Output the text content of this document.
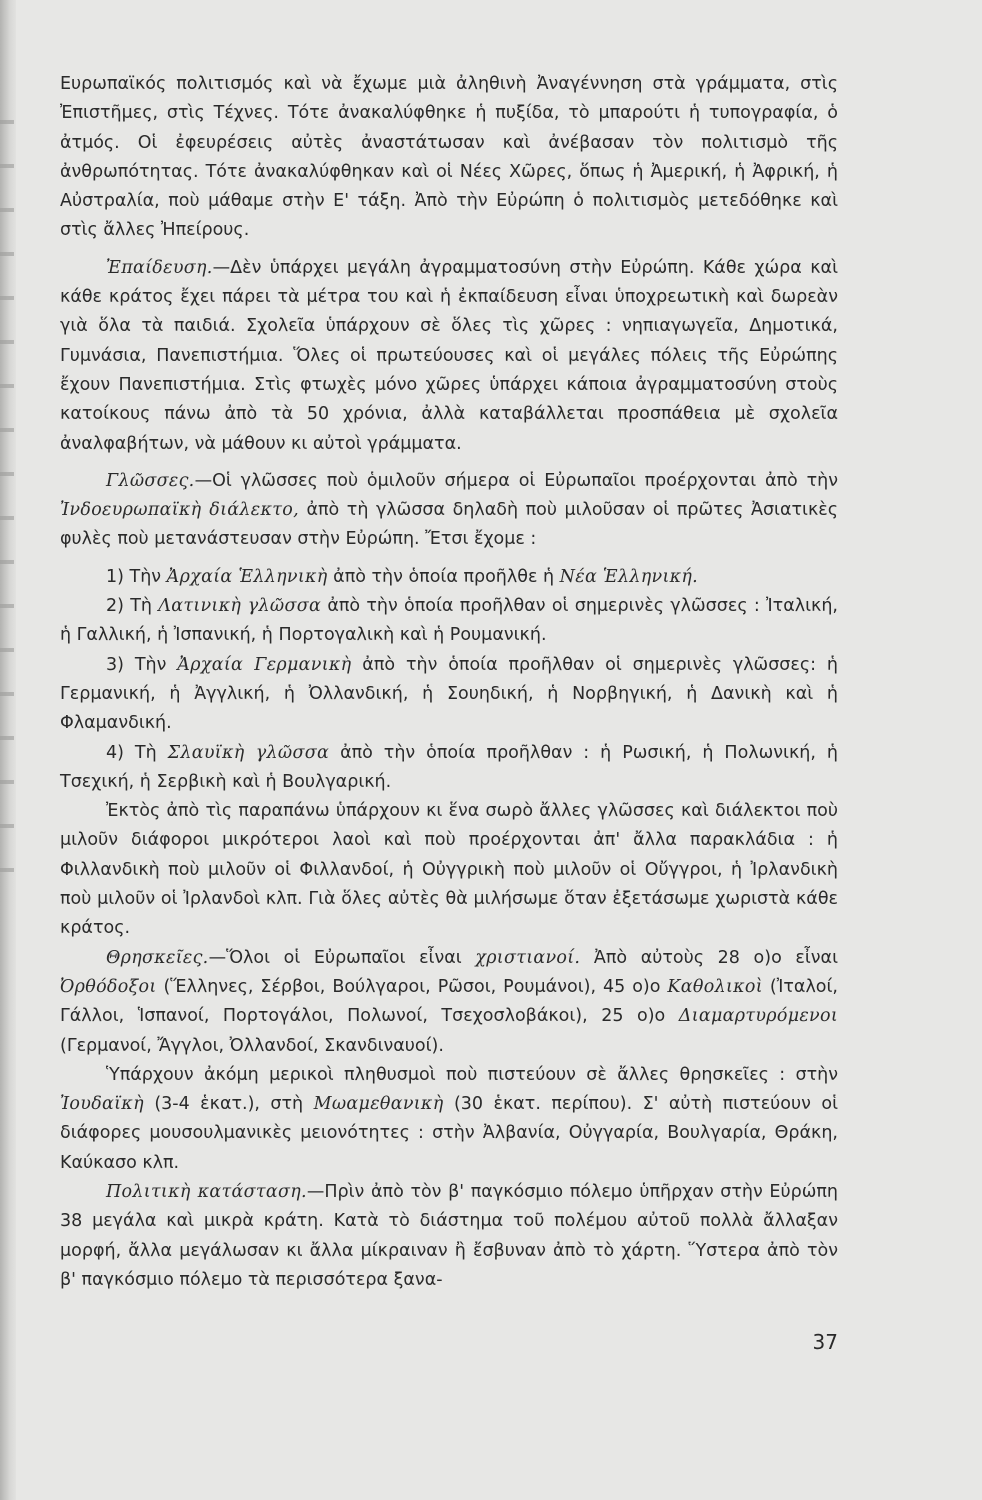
Ευρωπαϊκός πολιτισμός καὶ νὰ ἔχωμε μιὰ ἀληθινὴ Ἀναγέννηση στὰ γράμματα, στὶς Ἐπιστῆμες, στὶς Τέχνες. Τότε ἀνακαλύφθηκε ἡ πυξίδα, τὸ μπαρούτι ἡ τυπογραφία, ὁ ἀτμός. Οἱ ἐφευρέσεις αὐτὲς ἀναστάτωσαν καὶ ἀνέβασαν τὸν πολιτισμὸ τῆς ἀνθρωπότητας. Τότε ἀνακαλύφθηκαν καὶ οἱ Νέες Χῶρες, ὅπως ἡ Ἀμερική, ἡ Ἀφρική, ἡ Αὐστραλία, ποὺ μάθαμε στὴν Ε' τάξη. Ἀπὸ τὴν Εὐρώπη ὁ πολιτισμὸς μετεδόθηκε καὶ στὶς ἄλλες Ἠπείρους.

Ἐπαίδευση.—Δὲν ὑπάρχει μεγάλη ἀγραμματοσύνη στὴν Εὐρώπη. Κάθε χώρα καὶ κάθε κράτος ἔχει πάρει τὰ μέτρα του καὶ ἡ ἐκπαίδευση εἶναι ὑποχρεωτικὴ καὶ δωρεὰν γιὰ ὅλα τὰ παιδιά. Σχολεῖα ὑπάρχουν σὲ ὅλες τὶς χῶρες : νηπιαγωγεῖα, Δημοτικά, Γυμνάσια, Πανεπιστήμια. Ὅλες οἱ πρωτεύουσες καὶ οἱ μεγάλες πόλεις τῆς Εὐρώπης ἔχουν Πανεπιστήμια. Στὶς φτωχὲς μόνο χῶρες ὑπάρχει κάποια ἀγραμματοσύνη στοὺς κατοίκους πάνω ἀπὸ τὰ 50 χρόνια, ἀλλὰ καταβάλλεται προσπάθεια μὲ σχολεῖα ἀναλφαβήτων, νὰ μάθουν κι αὐτοὶ γράμματα.

Γλῶσσες.—Οἱ γλῶσσες ποὺ ὁμιλοῦν σήμερα οἱ Εὐρωπαῖοι προέρχονται ἀπὸ τὴν Ἰνδοευρωπαϊκὴ διάλεκτο, ἀπὸ τὴ γλῶσσα δηλαδὴ ποὺ μιλοῦσαν οἱ πρῶτες Ἀσιατικὲς φυλὲς ποὺ μετανάστευσαν στὴν Εὐρώπη. Ἔτσι ἔχομε :

1) Τὴν Ἀρχαία Ἑλληνικὴ ἀπὸ τὴν ὁποία προῆλθε ἡ Νέα Ἑλληνική.

2) Τὴ Λατινικὴ γλῶσσα ἀπὸ τὴν ὁποία προῆλθαν οἱ σημερινὲς γλῶσσες : Ἰταλική, ἡ Γαλλική, ἡ Ἰσπανική, ἡ Πορτογαλικὴ καὶ ἡ Ρουμανική.

3) Τὴν Ἀρχαία Γερμανικὴ ἀπὸ τὴν ὁποία προῆλθαν οἱ σημερινὲς γλῶσσες: ἡ Γερμανική, ἡ Ἀγγλική, ἡ Ὀλλανδική, ἡ Σουηδική, ἡ Νορβηγική, ἡ Δανικὴ καὶ ἡ Φλαμανδική.

4) Τὴ Σλαυϊκὴ γλῶσσα ἀπὸ τὴν ὁποία προῆλθαν : ἡ Ρωσική, ἡ Πολωνική, ἡ Τσεχική, ἡ Σερβικὴ καὶ ἡ Βουλγαρική.

Ἐκτὸς ἀπὸ τὶς παραπάνω ὑπάρχουν κι ἕνα σωρὸ ἄλλες γλῶσσες καὶ διάλεκτοι ποὺ μιλοῦν διάφοροι μικρότεροι λαοὶ καὶ ποὺ προέρχονται ἀπ' ἄλλα παρακλάδια : ἡ Φιλλανδικὴ ποὺ μιλοῦν οἱ Φιλλανδοί, ἡ Οὐγγρικὴ ποὺ μιλοῦν οἱ Οὔγγροι, ἡ Ἰρλανδικὴ ποὺ μιλοῦν οἱ Ἰρλανδοὶ κλπ. Γιὰ ὅλες αὐτὲς θὰ μιλήσωμε ὅταν ἐξετάσωμε χωριστὰ κάθε κράτος.

Θρησκεῖες.—Ὅλοι οἱ Εὐρωπαῖοι εἶναι χριστιανοί. Ἀπὸ αὐτοὺς 28 ο)ο εἶναι Ὀρθόδοξοι (Ἕλληνες, Σέρβοι, Βούλγαροι, Ρῶσοι, Ρουμάνοι), 45 ο)ο Καθολικοὶ (Ἰταλοί, Γάλλοι, Ἱσπανοί, Πορτογάλοι, Πολωνοί, Τσεχοσλοβάκοι), 25 ο)ο Διαμαρτυρόμενοι (Γερμανοί, Ἄγγλοι, Ὀλλανδοί, Σκανδιναυοί).

Ὑπάρχουν ἀκόμη μερικοὶ πληθυσμοὶ ποὺ πιστεύουν σὲ ἄλλες θρησκεῖες : στὴν Ἰουδαϊκὴ (3-4 ἑκατ.), στὴ Μωαμεθανικὴ (30 ἑκατ. περίπου). Σ' αὐτὴ πιστεύουν οἱ διάφορες μουσουλμανικὲς μειονότητες : στὴν Ἀλβανία, Οὐγγαρία, Βουλγαρία, Θράκη, Καύκασο κλπ.

Πολιτικὴ κατάσταση.—Πρὶν ἀπὸ τὸν β' παγκόσμιο πόλεμο ὑπῆρχαν στὴν Εὐρώπη 38 μεγάλα καὶ μικρὰ κράτη. Κατὰ τὸ διάστημα τοῦ πολέμου αὐτοῦ πολλὰ ἄλλαξαν μορφή, ἄλλα μεγάλωσαν κι ἄλλα μίκραιναν ἢ ἔσβυναν ἀπὸ τὸ χάρτη. Ὕστερα ἀπὸ τὸν β' παγκόσμιο πόλεμο τὰ περισσότερα ξανα-

37
